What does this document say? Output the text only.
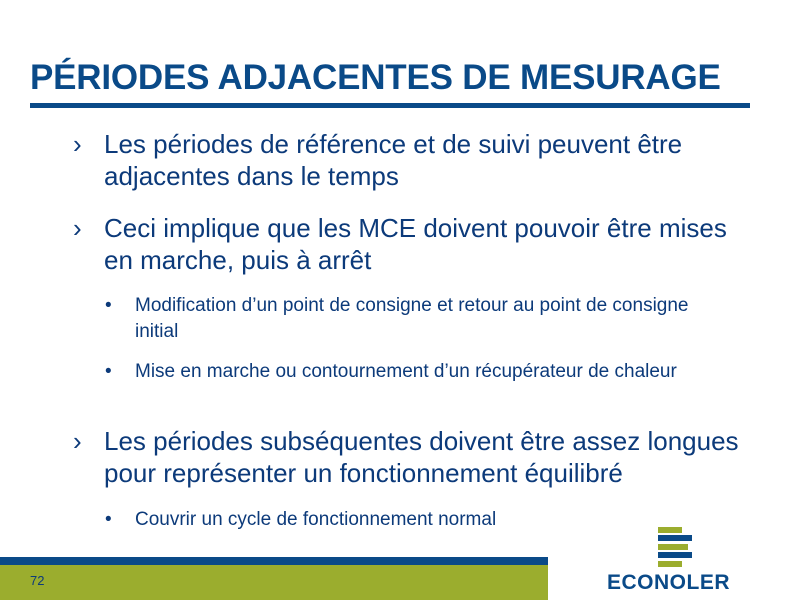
PÉRIODES ADJACENTES DE MESURAGE
› Les périodes de référence et de suivi peuvent être adjacentes dans le temps
› Ceci implique que les MCE doivent pouvoir être mises en marche, puis à arrêt
• Modification d’un point de consigne et retour au point de consigne initial
• Mise en marche ou contournement d’un récupérateur de chaleur
› Les périodes subséquentes doivent être assez longues pour représenter un fonctionnement équilibré
• Couvrir un cycle de fonctionnement normal
72	ECONOLER
